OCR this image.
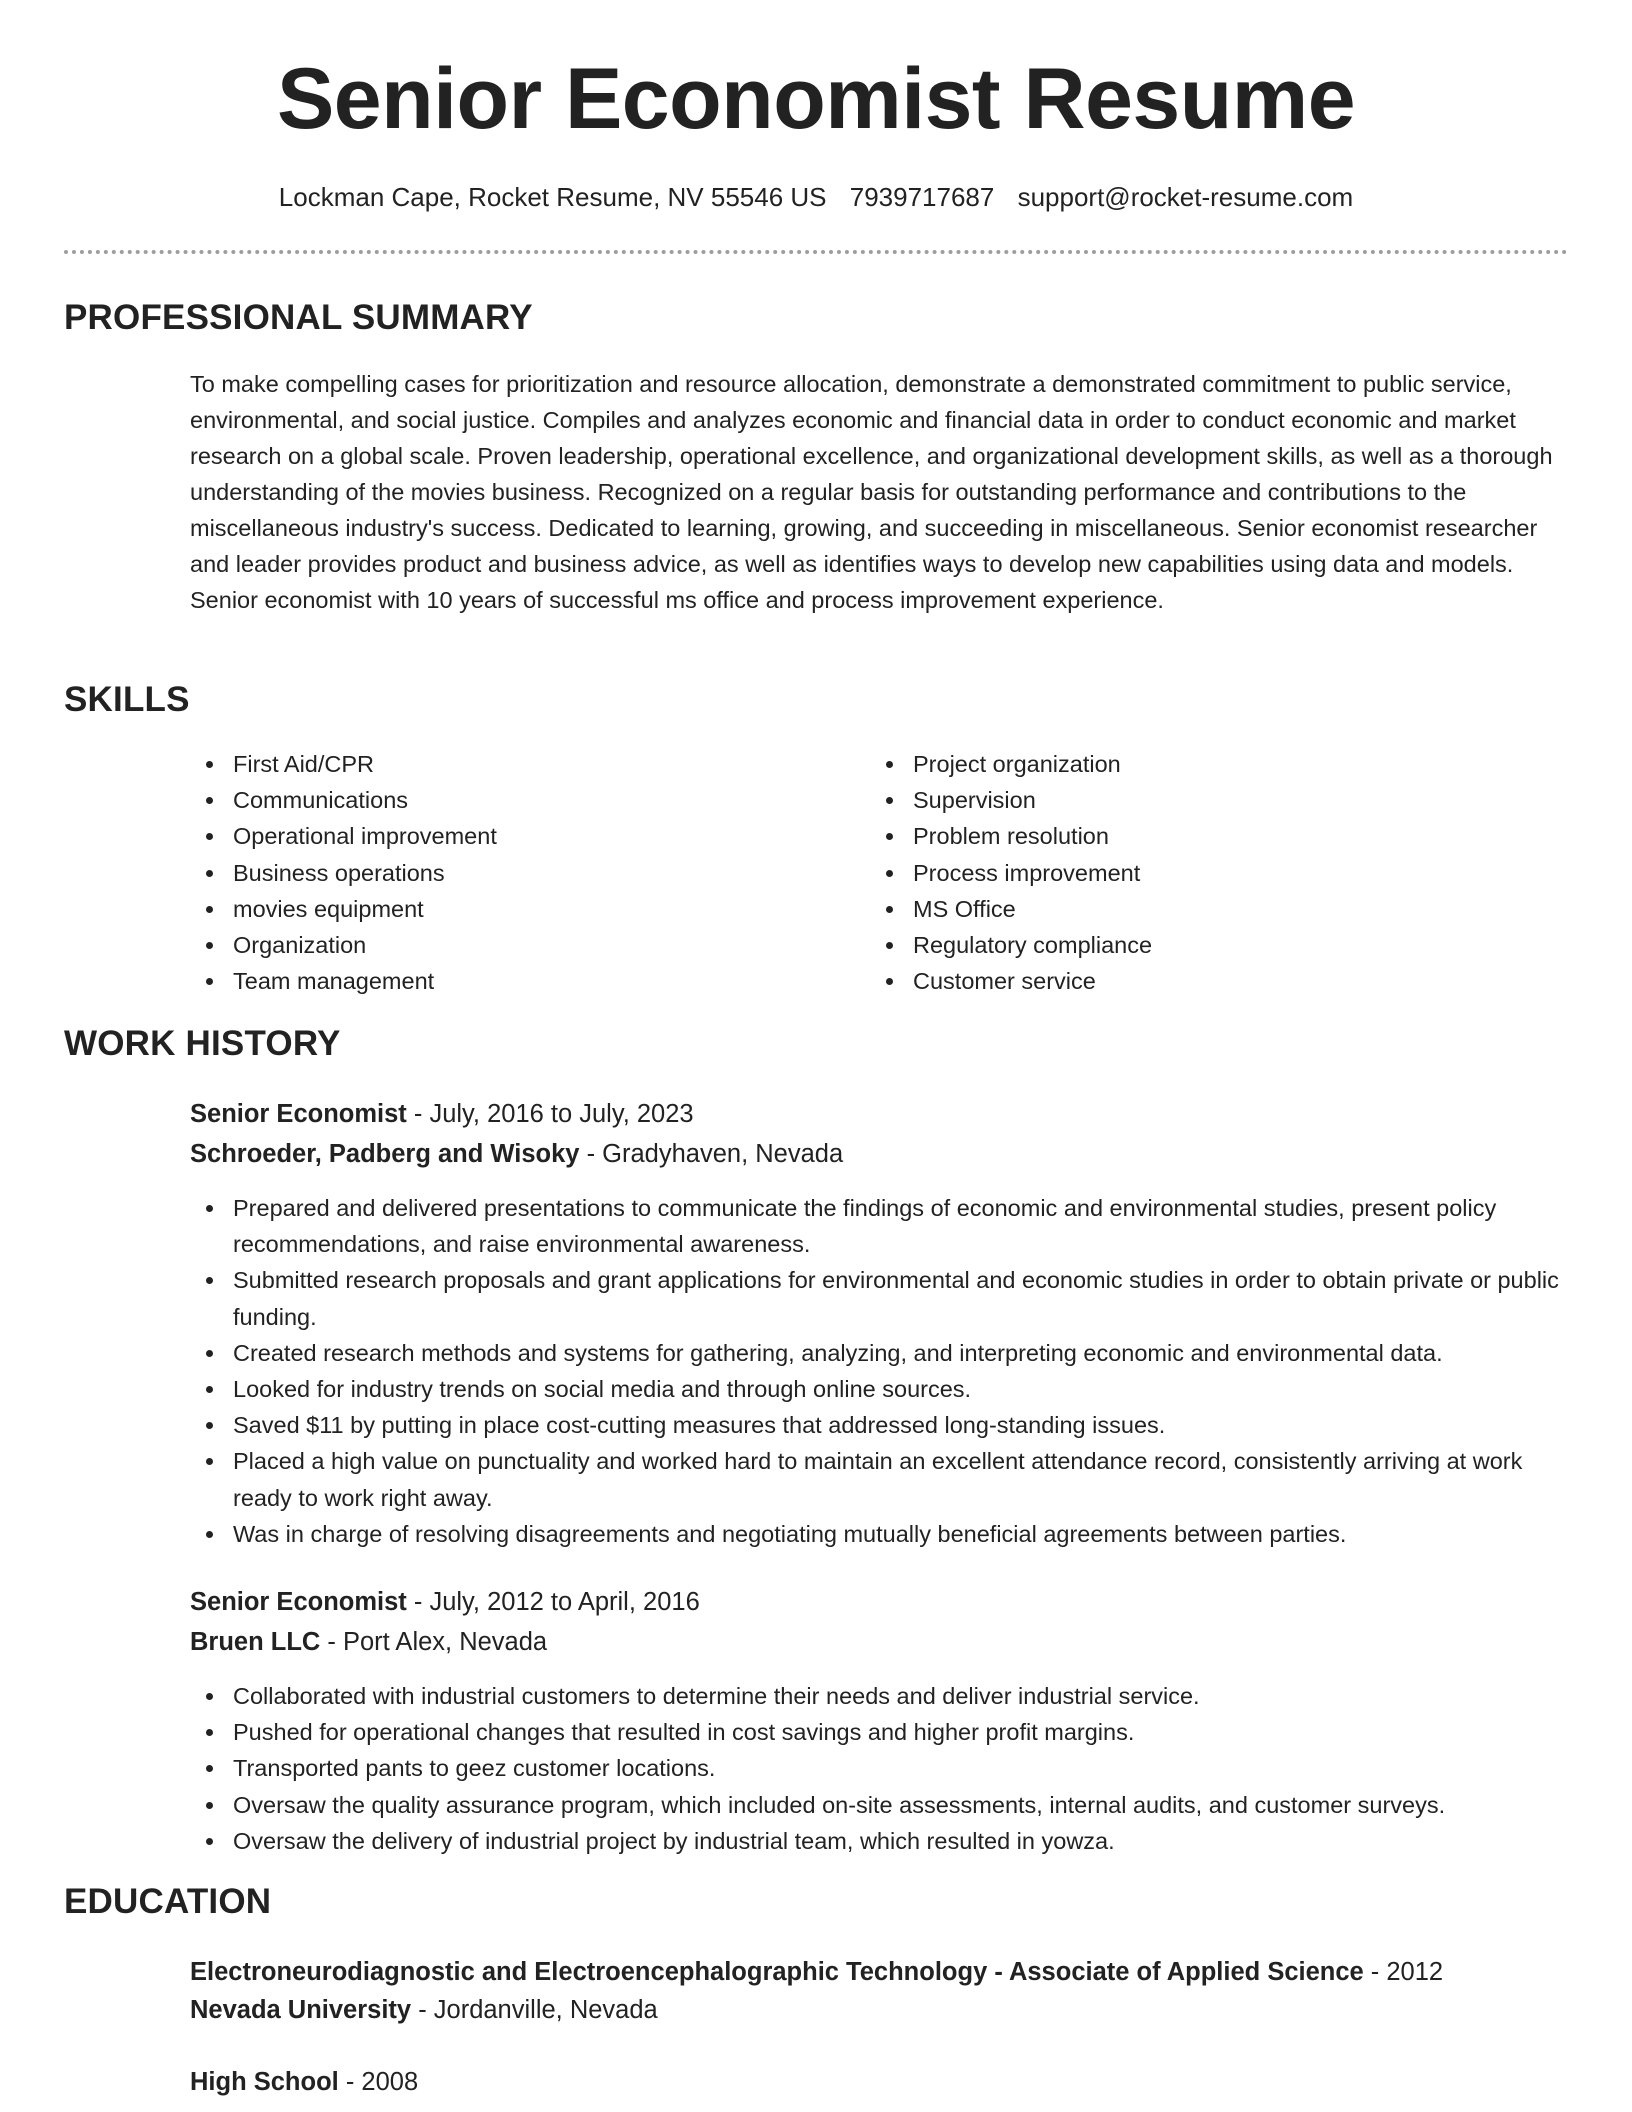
Senior Economist Resume
Lockman Cape, Rocket Resume, NV 55546 US 7939717687 support@rocket-resume.com
PROFESSIONAL SUMMARY

To make compelling cases for prioritization and resource allocation, demonstrate a demonstrated commitment to public service, environmental, and social justice. Compiles and analyzes economic and financial data in order to conduct economic and market research on a global scale. Proven leadership, operational excellence, and organizational development skills, as well as a thorough understanding of the movies business. Recognized on a regular basis for outstanding performance and contributions to the miscellaneous industry's success. Dedicated to learning, growing, and succeeding in miscellaneous. Senior economist researcher and leader provides product and business advice, as well as identifies ways to develop new capabilities using data and models. Senior economist with 10 years of successful ms office and process improvement experience.

SKILLS
First Aid/CPR
Communications
Operational improvement
Business operations
movies equipment
Organization
Team management
Project organization
Supervision
Problem resolution
Process improvement
MS Office
Regulatory compliance
Customer service
WORK HISTORY
Senior Economist - July, 2016 to July, 2023
Schroeder, Padberg and Wisoky - Gradyhaven, Nevada
Prepared and delivered presentations to communicate the findings of economic and environmental studies, present policy recommendations, and raise environmental awareness.
Submitted research proposals and grant applications for environmental and economic studies in order to obtain private or public funding.
Created research methods and systems for gathering, analyzing, and interpreting economic and environmental data.
Looked for industry trends on social media and through online sources.
Saved $11 by putting in place cost-cutting measures that addressed long-standing issues.
Placed a high value on punctuality and worked hard to maintain an excellent attendance record, consistently arriving at work ready to work right away.
Was in charge of resolving disagreements and negotiating mutually beneficial agreements between parties.
Senior Economist - July, 2012 to April, 2016
Bruen LLC - Port Alex, Nevada
Collaborated with industrial customers to determine their needs and deliver industrial service.
Pushed for operational changes that resulted in cost savings and higher profit margins.
Transported pants to geez customer locations.
Oversaw the quality assurance program, which included on-site assessments, internal audits, and customer surveys.
Oversaw the delivery of industrial project by industrial team, which resulted in yowza.
EDUCATION
Electroneurodiagnostic and Electroencephalographic Technology - Associate of Applied Science - 2012
Nevada University - Jordanville, Nevada
High School - 2008
